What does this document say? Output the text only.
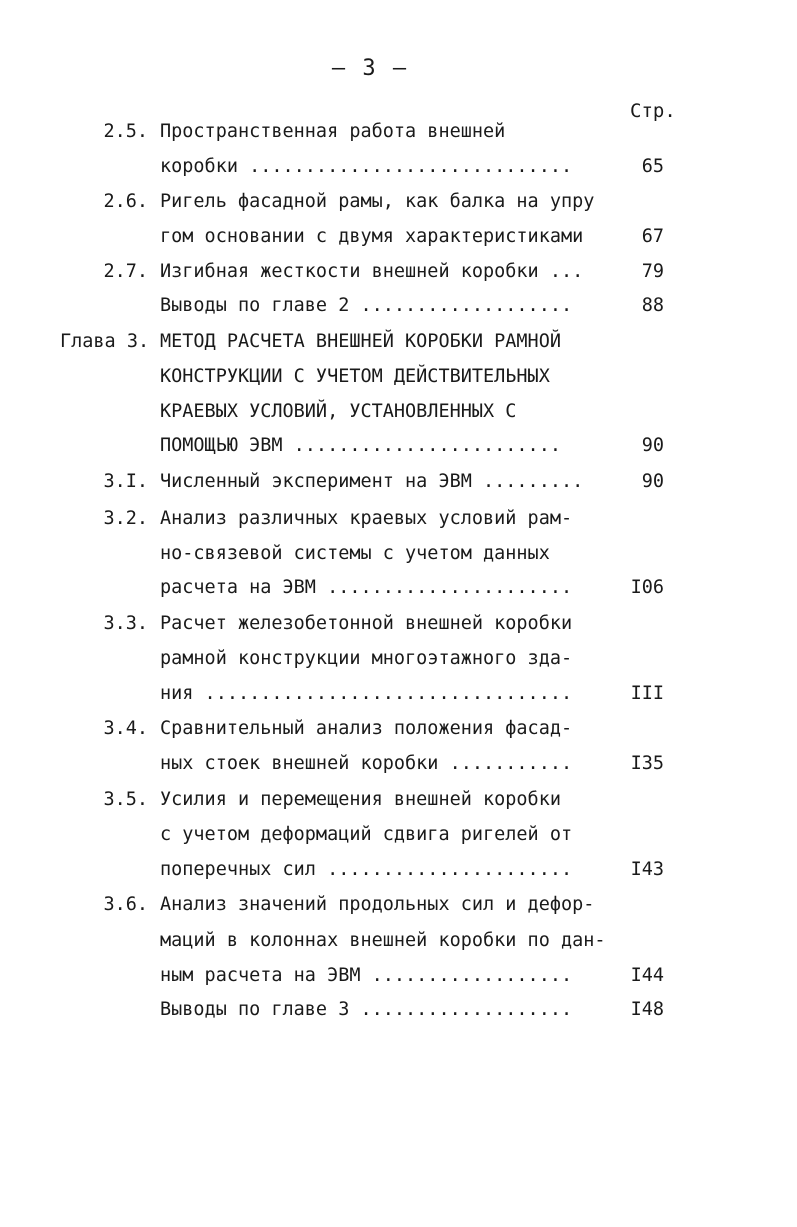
– 3 –
Стр.
2.5. Пространственная работа внешней
коробки .............................	65
2.6. Ригель фасадной рамы, как балка на упру
гом основании с двумя характеристиками	67
2.7. Изгибная жесткости внешней коробки ...	79
Выводы по главе 2 ...................	88
Глава 3. МЕТОД РАСЧЕТА ВНЕШНЕЙ КОРОБКИ РАМНОЙ
КОНСТРУКЦИИ С УЧЕТОМ ДЕЙСТВИТЕЛЬНЫХ
КРАЕВЫХ УСЛОВИЙ, УСТАНОВЛЕННЫХ С
ПОМОЩЬЮ ЭВМ ........................	90
3.I. Численный эксперимент на ЭВМ .........	90
3.2. Анализ различных краевых условий рам-
но-связевой системы с учетом данных
расчета на ЭВМ ......................	I06
3.3. Расчет железобетонной внешней коробки
рамной конструкции многоэтажного зда-
ния .................................	III
3.4. Сравнительный анализ положения фасад-
ных стоек внешней коробки ...........	I35
3.5. Усилия и перемещения внешней коробки
с учетом деформаций сдвига ригелей от
поперечных сил ......................	I43
3.6. Анализ значений продольных сил и дефор-
маций в колоннах внешней коробки по дан-
ным расчета на ЭВМ ..................	I44
Выводы по главе 3 ...................	I48
